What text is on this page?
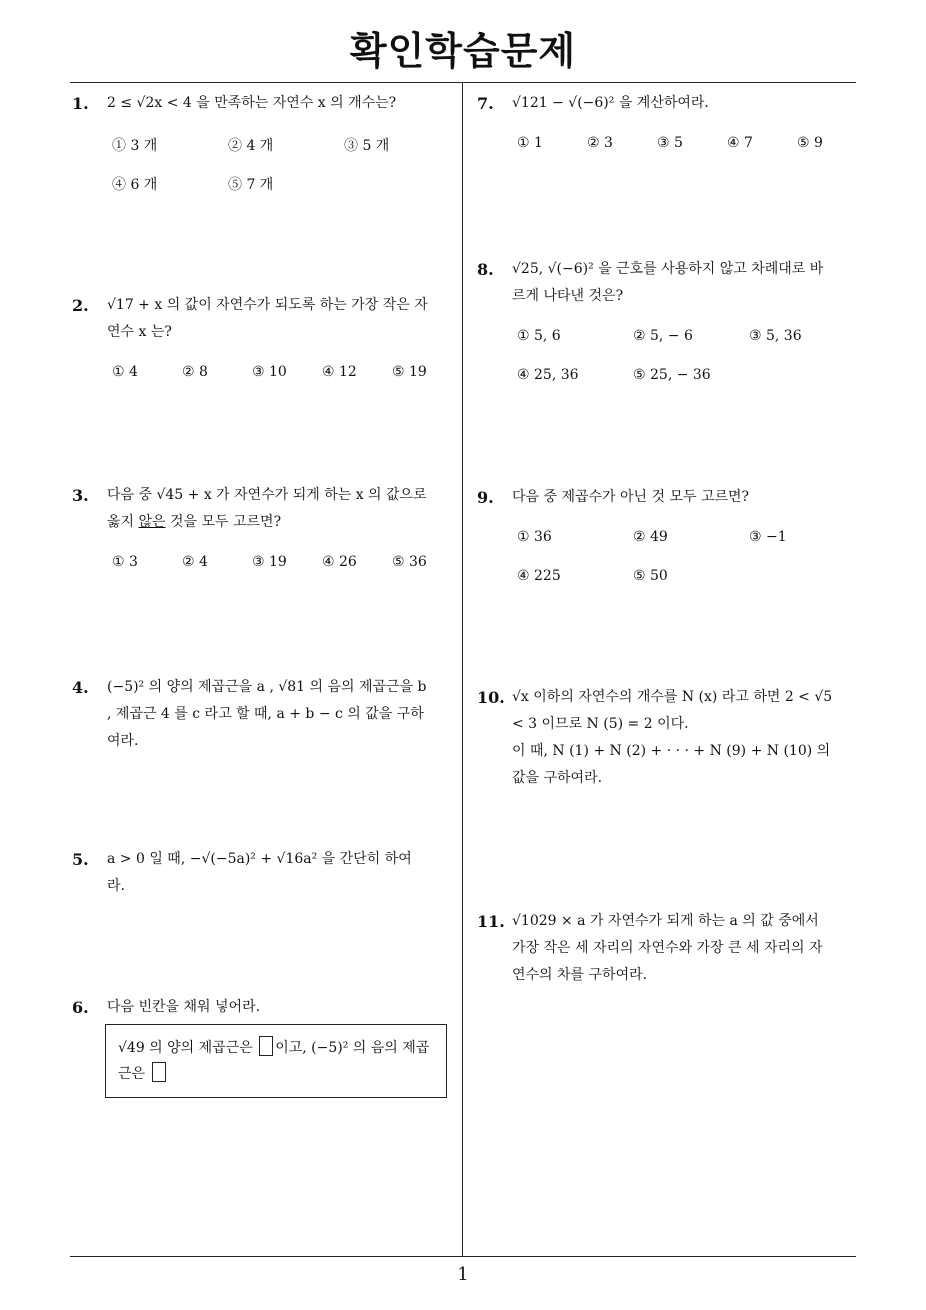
확인학습문제
1. 2 ≤ √2x < 4 을 만족하는 자연수 x 의 개수는?
① 3 개	② 4 개	③ 5 개
④ 6 개	⑤ 7 개
2. √17 + x 의 값이 자연수가 되도록 하는 가장 작은 자연수 x 는?
① 4	② 8	③ 10	④ 12	⑤ 19
3. 다음 중 √45 + x 가 자연수가 되게 하는 x 의 값으로 옳지 않은 것을 모두 고르면?
① 3	② 4	③ 19	④ 26	⑤ 36
4. (−5)² 의 양의 제곱근을 a , √81 의 음의 제곱근을 b , 제곱근 4 를 c 라고 할 때, a + b − c 의 값을 구하여라.
5. a > 0 일 때, −√(−5a)² + √16a² 을 간단히 하여라.
6. 다음 빈칸을 채워 넣어라.
√49 의 양의 제곱근은 이고, (−5)² 의 음의 제곱근은
7. √121 − √(−6)² 을 계산하여라.
① 1	② 3	③ 5	④ 7	⑤ 9
8. √25, √(−6)² 을 근호를 사용하지 않고 차례대로 바르게 나타낸 것은?
① 5, 6	② 5, − 6	③ 5, 36
④ 25, 36	⑤ 25, − 36
9. 다음 중 제곱수가 아닌 것 모두 고르면?
① 36	② 49	③ −1
④ 225	⑤ 50
10. √x 이하의 자연수의 개수를 N (x) 라고 하면 2 < √5 < 3 이므로 N (5) = 2 이다.
이 때, N (1) + N (2) + · · · + N (9) + N (10) 의 값을 구하여라.
11. √1029 × a 가 자연수가 되게 하는 a 의 값 중에서 가장 작은 세 자리의 자연수와 가장 큰 세 자리의 자연수의 차를 구하여라.
1
